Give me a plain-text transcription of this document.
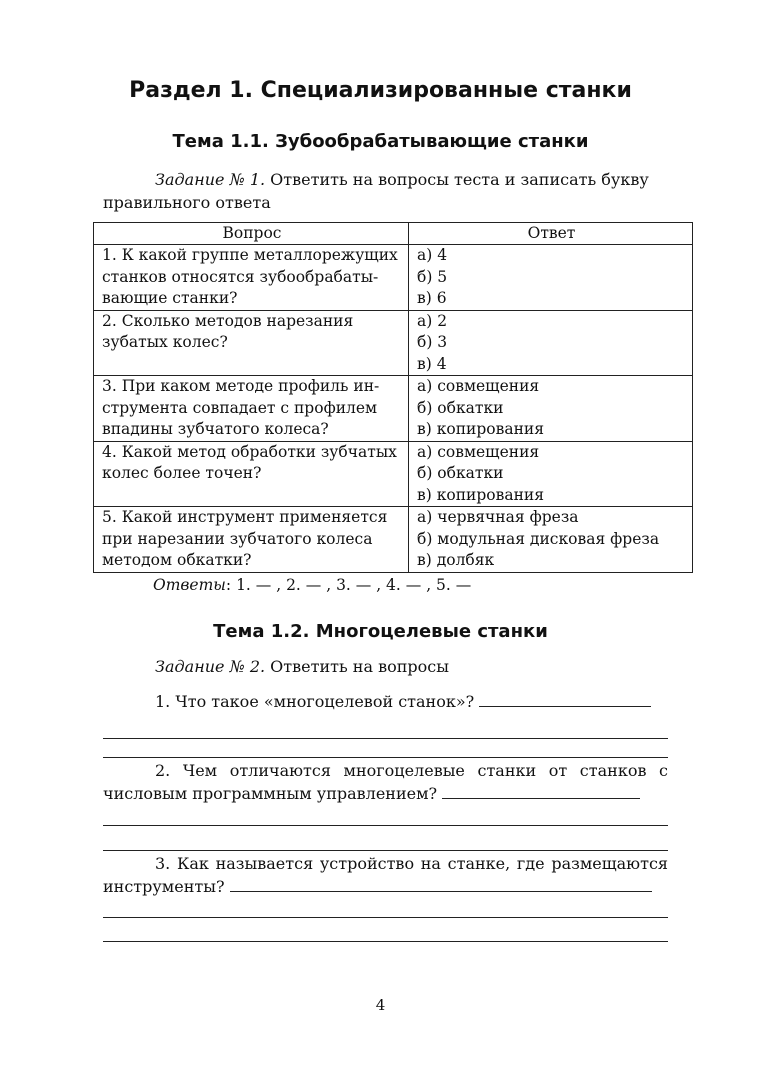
Раздел 1. Специализированные станки
Тема 1.1. Зубообрабатывающие станки
Задание № 1. Ответить на вопросы теста и записать букву правильного ответа
Вопрос	Ответ

1. К какой группе металлорежущих
станков относятся зубообрабаты-
вающие станки?	а) 4
б) 5
в) 6

2. Сколько методов нарезания
зубатых колес?	а) 2
б) 3
в) 4

3. При каком методе профиль ин-
струмента совпадает с профилем
впадины зубчатого колеса?	а) совмещения
б) обкатки
в) копирования

4. Какой метод обработки зубчатых
колес более точен?	а) совмещения
б) обкатки
в) копирования

5. Какой инструмент применяется
при нарезании зубчатого колеса
методом обкатки?	а) червячная фреза
б) модульная дисковая фреза
в) долбяк
Ответы: 1. — , 2. — , 3. — , 4. — , 5. —
Тема 1.2. Многоцелевые станки
Задание № 2. Ответить на вопросы
1. Что такое «многоцелевой станок»?
2. Чем отличаются многоцелевые станки от станков с
числовым программным управлением?
3. Как называется устройство на станке, где размещаются
инструменты?
4
